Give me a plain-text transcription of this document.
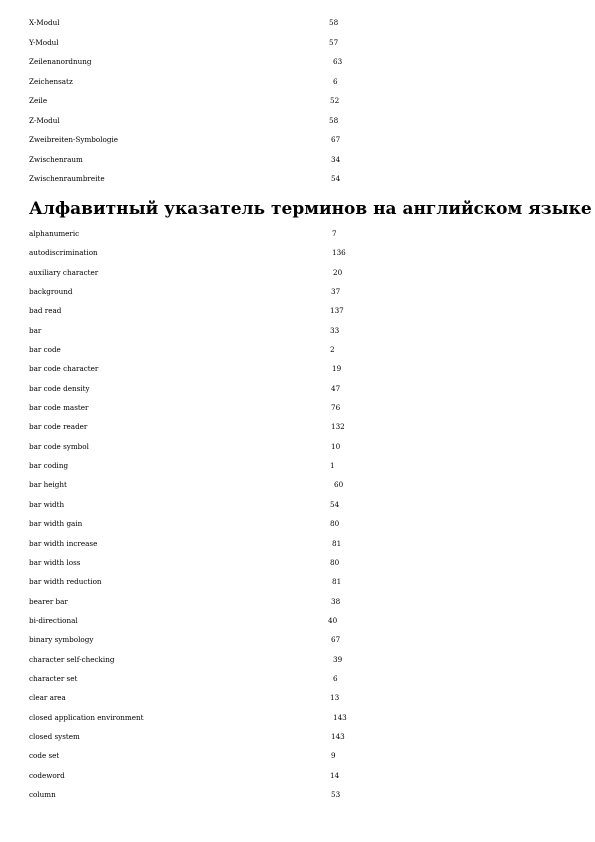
X-Modul	58
Y-Modul	57
Zeilenanordnung	63
Zeichensatz	6
Zeile	52
Z-Modul	58
Zweibreiten-Symbologie	67
Zwischenraum	34
Zwischenraumbreite	54
Алфавитный указатель терминов на английском языке
alphanumeric	7
autodiscrimination	136
auxiliary character	20
background	37
bad read	137
bar	33
bar code	2
bar code character	19
bar code density	47
bar code master	76
bar code reader	132
bar code symbol	10
bar coding	1
bar height	60
bar width	54
bar width gain	80
bar width increase	81
bar width loss	80
bar width reduction	81
bearer bar	38
bi-directional	40
binary symbology	67
character self-checking	39
character set	6
clear area	13
closed application environment	143
closed system	143
code set	9
codeword	14
column	53
